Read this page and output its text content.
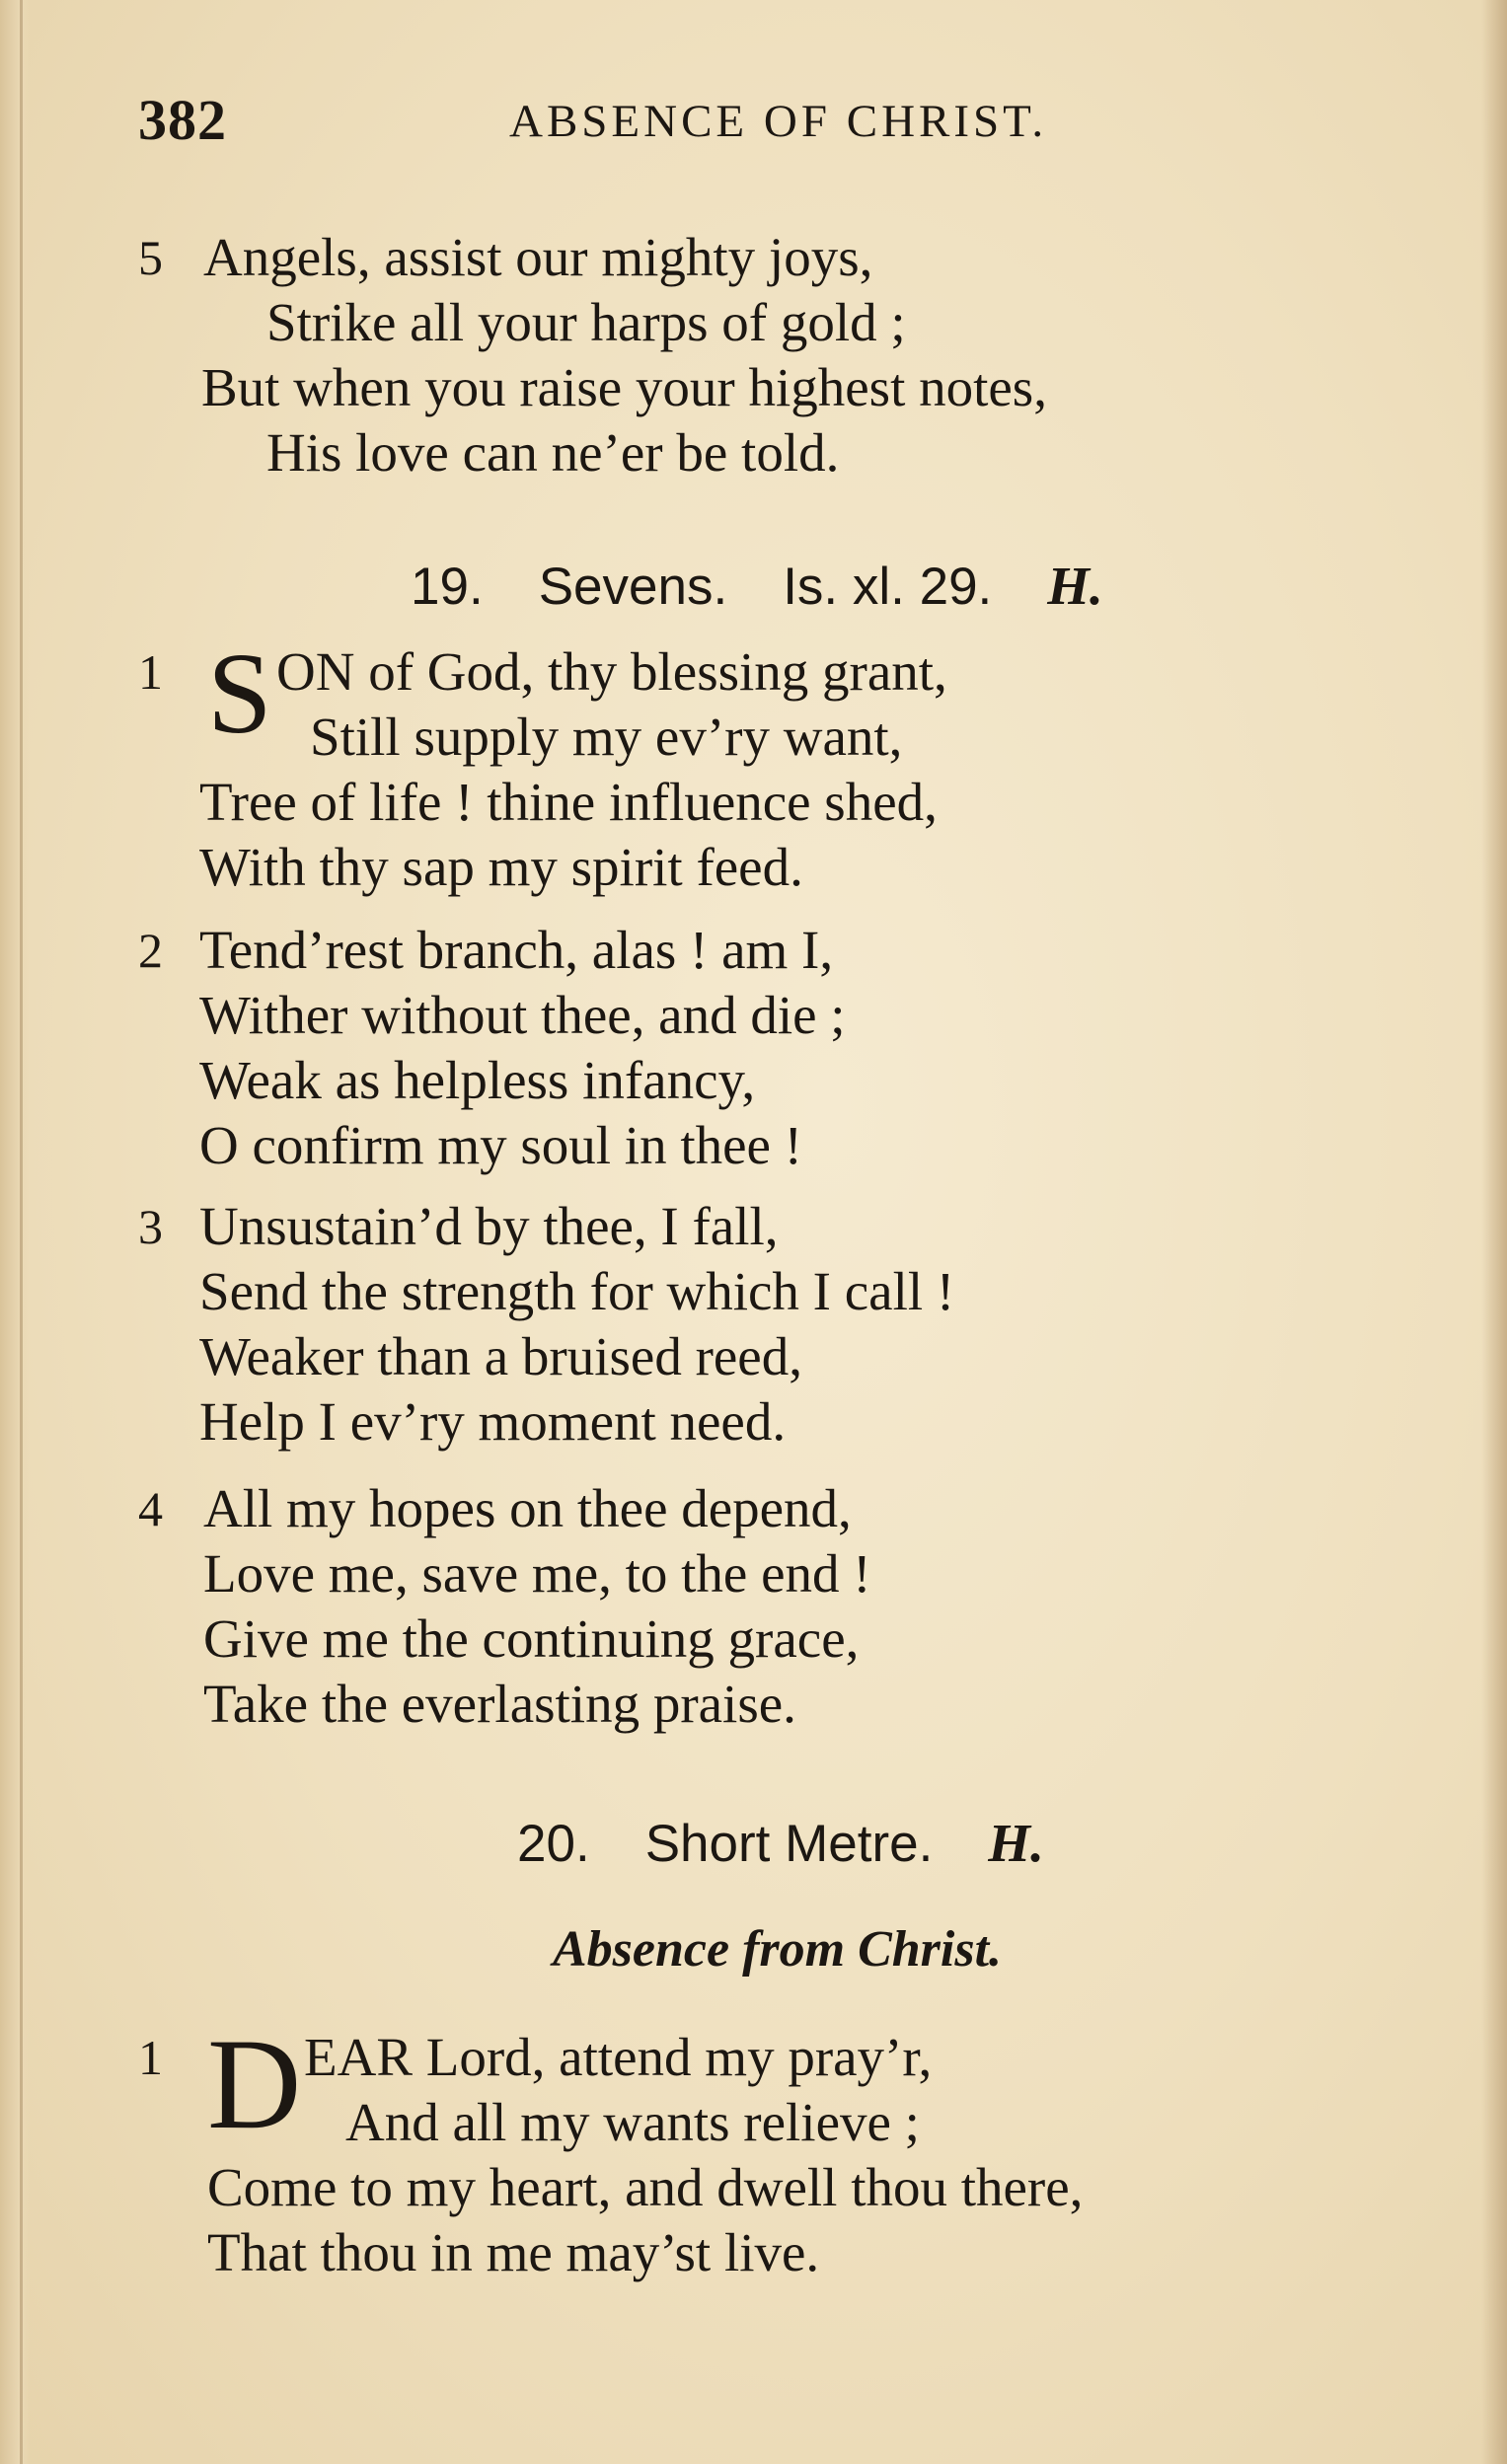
382	ABSENCE OF CHRIST.
5 Angels, assist our mighty joys,
Strike all your harps of gold ;
But when you raise your highest notes,
His love can ne’er be told.
19. Sevens. Is. xl. 29. H.
1 S ON of God, thy blessing grant,
Still supply my ev’ry want,
Tree of life ! thine influence shed,
With thy sap my spirit feed.
2 Tend’rest branch, alas ! am I,
Wither without thee, and die ;
Weak as helpless infancy,
O confirm my soul in thee !
3 Unsustain’d by thee, I fall,
Send the strength for which I call !
Weaker than a bruised reed,
Help I ev’ry moment need.
4 All my hopes on thee depend,
Love me, save me, to the end !
Give me the continuing grace,
Take the everlasting praise.
20. Short Metre. H.
Absence from Christ.
1 D EAR Lord, attend my pray’r,
And all my wants relieve ;
Come to my heart, and dwell thou there,
That thou in me may’st live.
